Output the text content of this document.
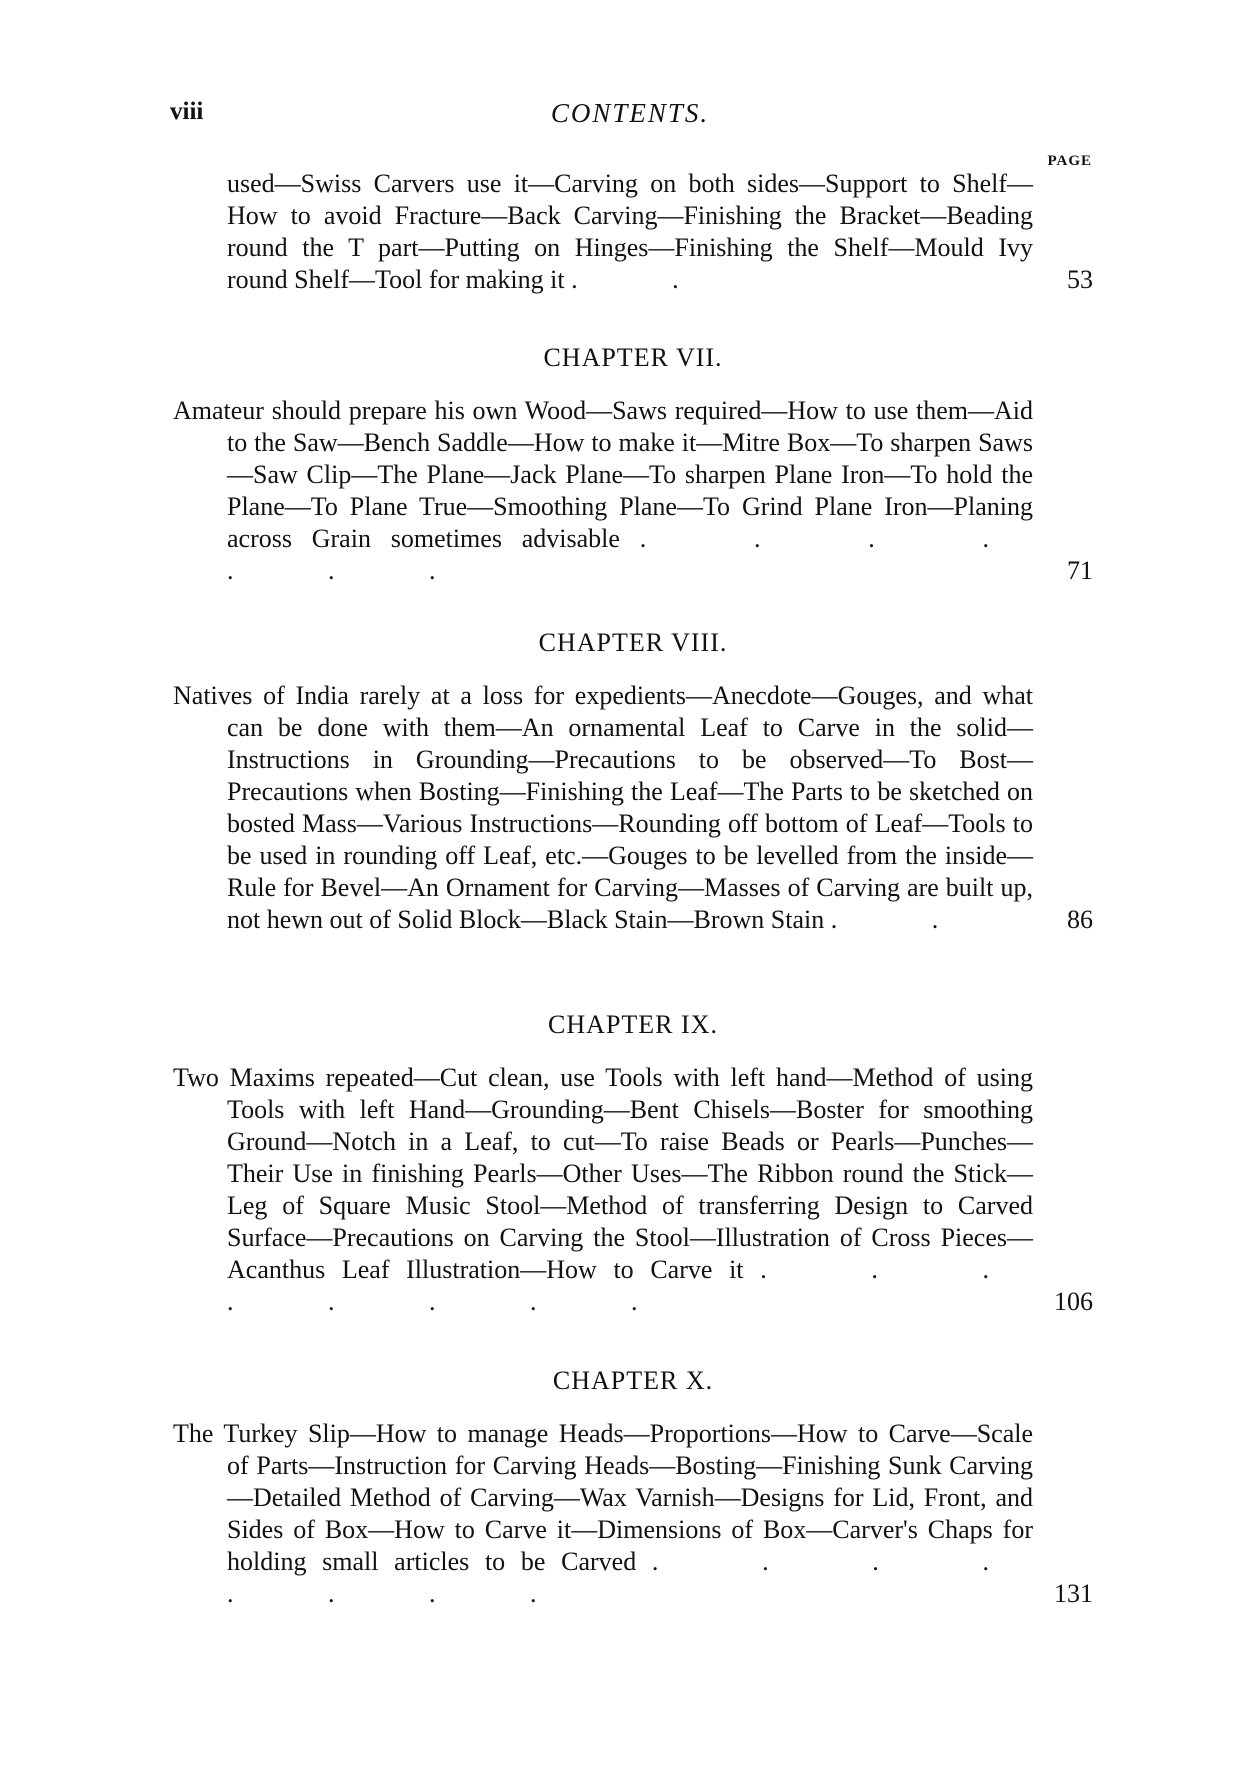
viii	CONTENTS.
PAGE

used—Swiss Carvers use it—Carving on both sides—Support to Shelf—How to avoid Fracture—Back Carving—Finishing the Bracket—Beading round the T part—Putting on Hinges—Finishing the Shelf—Mould Ivy round Shelf—Tool for making it . .	53

CHAPTER VII.

Amateur should prepare his own Wood—Saws required—How to use them—Aid to the Saw—Bench Saddle—How to make it—Mitre Box—To sharpen Saws—Saw Clip—The Plane—Jack Plane—To sharpen Plane Iron—To hold the Plane—To Plane True—Smoothing Plane—To Grind Plane Iron—Planing across Grain sometimes advisable . . . . . . .	71

CHAPTER VIII.

Natives of India rarely at a loss for expedients—Anecdote—Gouges, and what can be done with them—An ornamental Leaf to Carve in the solid—Instructions in Grounding—Precautions to be observed—To Bost—Precautions when Bosting—Finishing the Leaf—The Parts to be sketched on bosted Mass—Various Instructions—Rounding off bottom of Leaf—Tools to be used in rounding off Leaf, etc.—Gouges to be levelled from the inside—Rule for Bevel—An Ornament for Carving—Masses of Carving are built up, not hewn out of Solid Block—Black Stain—Brown Stain . .	86

CHAPTER IX.

Two Maxims repeated—Cut clean, use Tools with left hand—Method of using Tools with left Hand—Grounding—Bent Chisels—Boster for smoothing Ground—Notch in a Leaf, to cut—To raise Beads or Pearls—Punches—Their Use in finishing Pearls—Other Uses—The Ribbon round the Stick—Leg of Square Music Stool—Method of transferring Design to Carved Surface—Precautions on Carving the Stool—Illustration of Cross Pieces—Acanthus Leaf Illustration—How to Carve it . . . . . . . .	106

CHAPTER X.

The Turkey Slip—How to manage Heads—Proportions—How to Carve—Scale of Parts—Instruction for Carving Heads—Bosting—Finishing Sunk Carving—Detailed Method of Carving—Wax Varnish—Designs for Lid, Front, and Sides of Box—How to Carve it—Dimensions of Box—Carver's Chaps for holding small articles to be Carved . . . . . . . .	131
